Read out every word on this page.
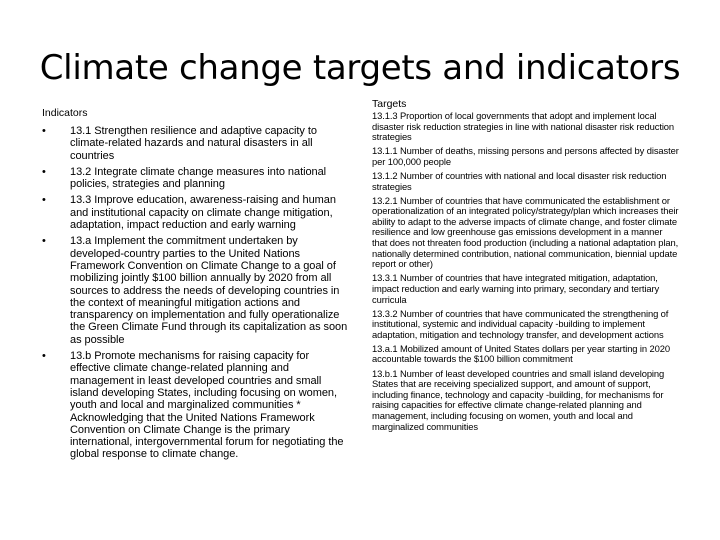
Climate change targets and indicators
Indicators
•	13.1 Strengthen resilience and adaptive capacity to climate-related hazards and natural disasters in all countries
•	13.2 Integrate climate change measures into national policies, strategies and planning
•	13.3 Improve education, awareness-raising and human and institutional capacity on climate change mitigation, adaptation, impact reduction and early warning
•	13.a Implement the commitment undertaken by developed-country parties to the United Nations Framework Convention on Climate Change to a goal of mobilizing jointly $100 billion annually by 2020 from all sources to address the needs of developing countries in the context of meaningful mitigation actions and transparency on implementation and fully operationalize the Green Climate Fund through its capitalization as soon as possible
•	13.b Promote mechanisms for raising capacity for effective climate change-related planning and management in least developed countries and small island developing States, including focusing on women, youth and local and marginalized communities * Acknowledging that the United Nations Framework Convention on Climate Change is the primary international, intergovernmental forum for negotiating the global response to climate change.
Targets
13.1.3 Proportion of local governments that adopt and implement local disaster risk reduction strategies in line with national disaster risk reduction strategies
13.1.1 Number of deaths, missing persons and persons affected by disaster per 100,000 people
13.1.2 Number of countries with national and local disaster risk reduction strategies
13.2.1 Number of countries that have communicated the establishment or operationalization of an integrated policy/strategy/plan which increases their ability to adapt to the adverse impacts of climate change, and foster climate resilience and low greenhouse gas emissions development in a manner that does not threaten food production (including a national adaptation plan, nationally determined contribution, national communication, biennial update report or other)
13.3.1 Number of countries that have integrated mitigation, adaptation, impact reduction and early warning into primary, secondary and tertiary curricula
13.3.2 Number of countries that have communicated the strengthening of institutional, systemic and individual capacity -building to implement adaptation, mitigation and technology transfer, and development actions
13.a.1 Mobilized amount of United States dollars per year starting in 2020 accountable towards the $100 billion commitment
13.b.1 Number of least developed countries and small island developing States that are receiving specialized support, and amount of support, including finance, technology and capacity -building, for mechanisms for raising capacities for effective climate change-related planning and management, including focusing on women, youth and local and marginalized communities
